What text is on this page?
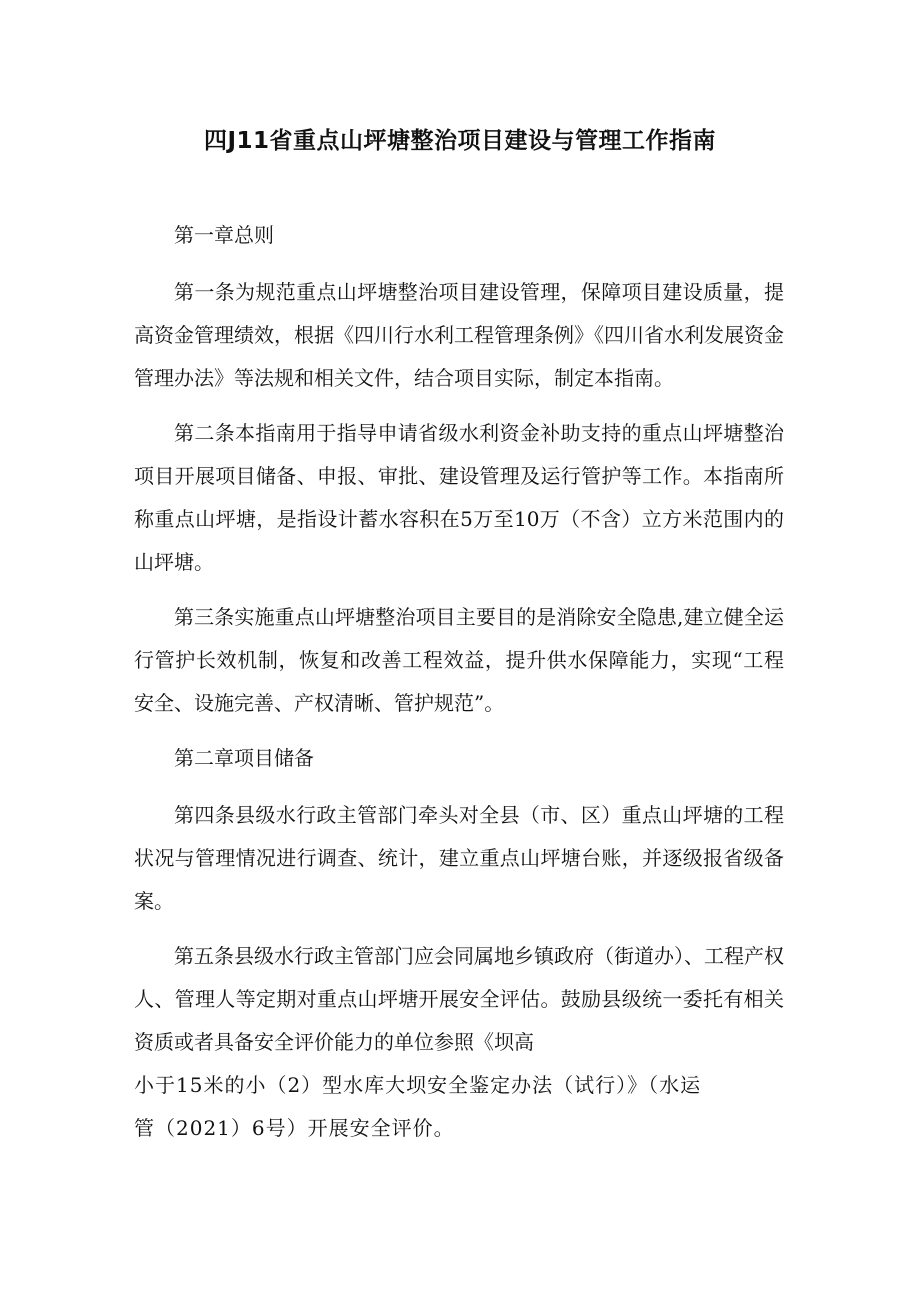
四J11省重点山坪塘整治项目建设与管理工作指南

第一章总则

第一条为规范重点山坪塘整治项目建设管理，保障项目建设质量，提高资金管理绩效，根据《四川行水利工程管理条例》《四川省水利发展资金管理办法》等法规和相关文件，结合项目实际，制定本指南。

第二条本指南用于指导申请省级水利资金补助支持的重点山坪塘整治项目开展项目储备、申报、审批、建设管理及运行管护等工作。本指南所称重点山坪塘，是指设计蓄水容积在5万至10万（不含）立方米范围内的山坪塘。

第三条实施重点山坪塘整治项目主要目的是消除安全隐患,建立健全运行管护长效机制，恢复和改善工程效益，提升供水保障能力，实现“工程安全、设施完善、产权清晰、管护规范”。

第二章项目储备

第四条县级水行政主管部门牵头对全县（市、区）重点山坪塘的工程状况与管理情况进行调查、统计，建立重点山坪塘台账，并逐级报省级备案。

第五条县级水行政主管部门应会同属地乡镇政府（街道办）、工程产权人、管理人等定期对重点山坪塘开展安全评估。鼓励县级统一委托有相关资质或者具备安全评价能力的单位参照《坝高

小于15米的小（2）型水库大坝安全鉴定办法（试行）》（水运

管（2021）6号）开展安全评价。
